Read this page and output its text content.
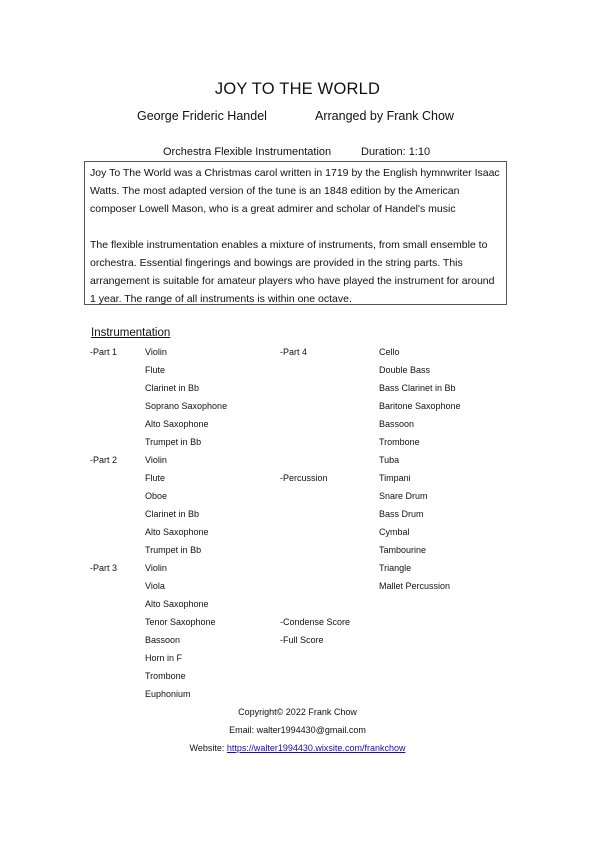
JOY TO THE WORLD
George Frideric Handel	Arranged by Frank Chow
Orchestra Flexible Instrumentation	Duration: 1:10

Joy To The World was a Christmas carol written in 1719 by the English hymnwriter Isaac Watts. The most adapted version of the tune is an 1848 edition by the American composer Lowell Mason, who is a great admirer and scholar of Handel's music

The flexible instrumentation enables a mixture of instruments, from small ensemble to orchestra. Essential fingerings and bowings are provided in the string parts. This arrangement is suitable for amateur players who have played the instrument for around 1 year. The range of all instruments is within one octave.

Instrumentation
-Part 1	Violin
Flute
Clarinet in Bb
Soprano Saxophone
Alto Saxophone
Trumpet in Bb
-Part 2	Violin
Flute
Oboe
Clarinet in Bb
Alto Saxophone
Trumpet in Bb
-Part 3	Violin
Viola
Alto Saxophone
Tenor Saxophone
Bassoon
Horn in F
Trombone
Euphonium
-Part 4	Cello
Double Bass
Bass Clarinet in Bb
Baritone Saxophone
Bassoon
Trombone
Tuba
-Percussion	Timpani
Snare Drum
Bass Drum
Cymbal
Tambourine
Triangle
Mallet Percussion
-Condense Score
-Full Score
Copyright© 2022 Frank Chow
Email: walter1994430@gmail.com
Website: https://walter1994430.wixsite.com/frankchow
